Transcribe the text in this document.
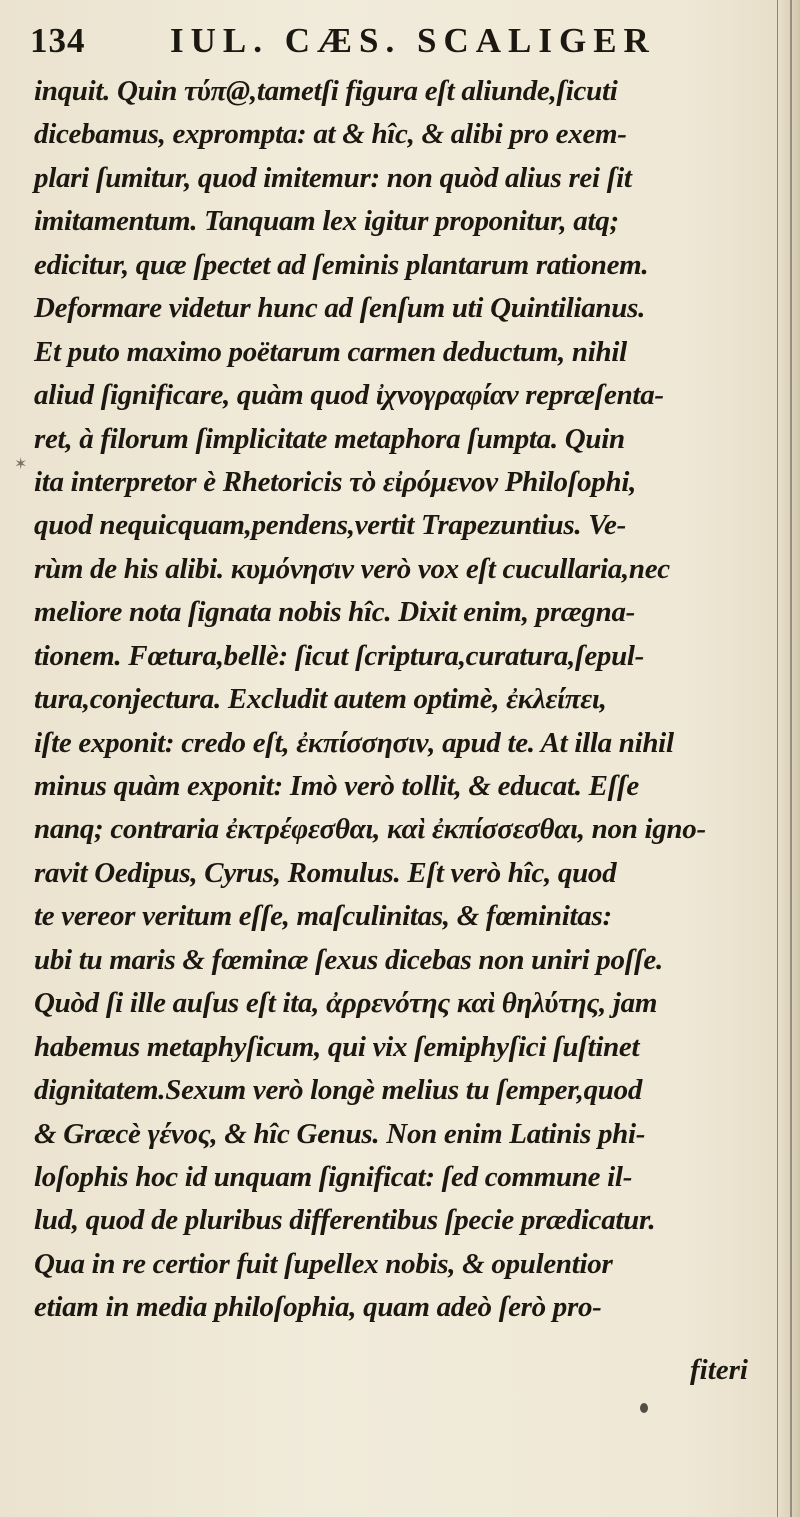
134 IUL. CÆS. SCALIGER
inquit. Quin τύπ@,tametſi figura eſt aliunde,ſicuti
dicebamus, exprompta: at & hîc, & alibi pro exem-
plari ſumitur, quod imitemur: non quòd alius rei ſit
imitamentum. Tanquam lex igitur proponitur, atq;
edicitur, quæ ſpectet ad ſeminis plantarum rationem.
Deformare videtur hunc ad ſenſum uti Quintilianus.
Et puto maximo poëtarum carmen deductum, nihil
aliud ſignificare, quàm quod ἰχνογραφίαν repræſenta-
ret, à filorum ſimplicitate metaphora ſumpta. Quin
ita interpretor è Rhetoricis τὸ εἰρόμενον Philoſophi,
quod nequicquam,pendens,vertit Trapezuntius. Ve-
rùm de his alibi. κυμόνησιν verò vox eſt cucullaria,nec
meliore nota ſignata nobis hîc. Dixit enim, prægna-
tionem. Fœtura,bellè: ſicut ſcriptura,curatura,ſepul-
tura,conjectura. Excludit autem optimè, ἐκλείπει,
iſte exponit: credo eſt, ἐκπίσσησιν, apud te. At illa nihil
minus quàm exponit: Imò verò tollit, & educat. Eſſe
nanq; contraria ἐκτρέφεσθαι, καὶ ἐκπίσσεσθαι, non igno-
ravit Oedipus, Cyrus, Romulus. Eſt verò hîc, quod
te vereor veritum eſſe, maſculinitas, & fœminitas:
ubi tu maris & fœminæ ſexus dicebas non uniri poſſe.
Quòd ſi ille auſus eſt ita, ἀρρενότης καὶ θηλύτης, jam
habemus metaphyſicum, qui vix ſemiphyſici ſuſtinet
dignitatem.Sexum verò longè melius tu ſemper,quod
& Græcè γένος, & hîc Genus. Non enim Latinis phi-
loſophis hoc id unquam ſignificat: ſed commune il-
lud, quod de pluribus differentibus ſpecie prædicatur.
Qua in re certior fuit ſupellex nobis, & opulentior
etiam in media philoſophia, quam adeò ſerò pro-
fiteri
✶
